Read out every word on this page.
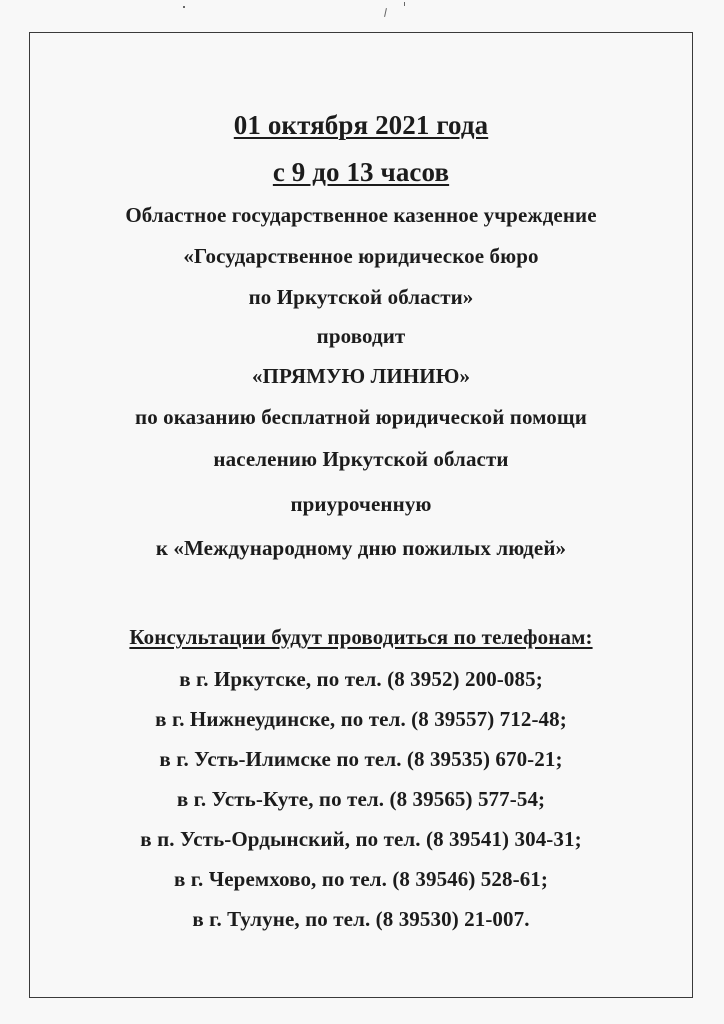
01 октября 2021 года
с 9 до 13 часов
Областное государственное казенное учреждение
«Государственное юридическое бюро
по Иркутской области»
проводит
«ПРЯМУЮ ЛИНИЮ»
по оказанию бесплатной юридической помощи
населению Иркутской области
приуроченную
к «Международному дню пожилых людей»
Консультации будут проводиться по телефонам:
в г. Иркутске, по тел. (8 3952) 200-085;
в г. Нижнеудинске, по тел. (8 39557) 712-48;
в г. Усть-Илимске по тел. (8 39535) 670-21;
в г. Усть-Куте, по тел. (8 39565) 577-54;
в п. Усть-Ордынский, по тел. (8 39541) 304-31;
в г. Черемхово, по тел. (8 39546) 528-61;
в г. Тулуне, по тел. (8 39530) 21-007.
